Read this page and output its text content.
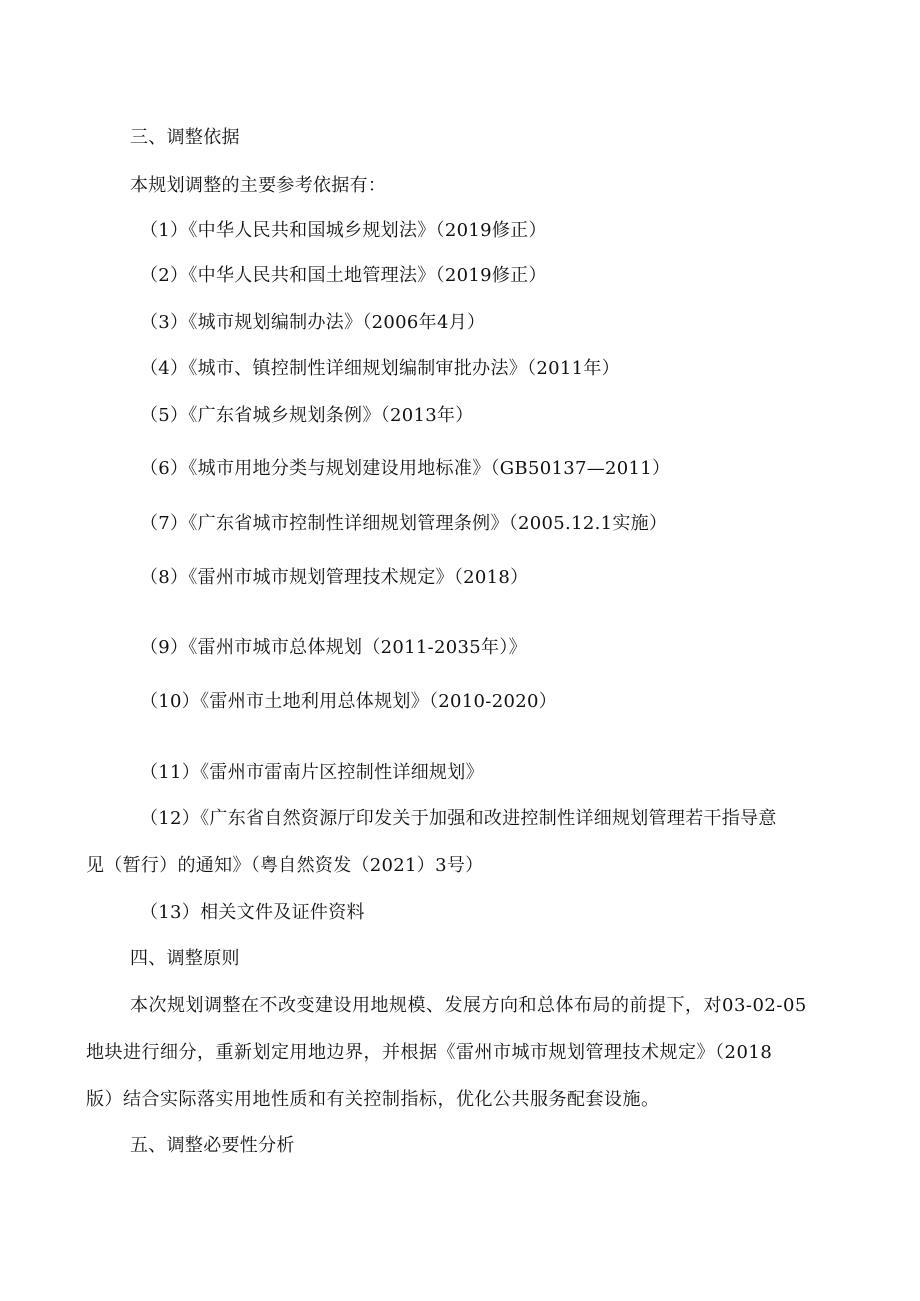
三、调整依据
本规划调整的主要参考依据有：
（1）《中华人民共和国城乡规划法》（2019修正）
（2）《中华人民共和国土地管理法》（2019修正）
（3）《城市规划编制办法》（2006年4月）
（4）《城市、镇控制性详细规划编制审批办法》（2011年）
（5）《广东省城乡规划条例》（2013年）
（6）《城市用地分类与规划建设用地标准》（GB50137—2011）
（7）《广东省城市控制性详细规划管理条例》（2005.12.1实施）
（8）《雷州市城市规划管理技术规定》（2018）
（9）《雷州市城市总体规划（2011-2035年）》
（10）《雷州市土地利用总体规划》（2010-2020）
（11）《雷州市雷南片区控制性详细规划》
（12）《广东省自然资源厅印发关于加强和改进控制性详细规划管理若干指导意
见（暂行）的通知》（粤自然资发（2021）3号）
（13）相关文件及证件资料
四、调整原则
本次规划调整在不改变建设用地规模、发展方向和总体布局的前提下，对03-02-05
地块进行细分，重新划定用地边界，并根据《雷州市城市规划管理技术规定》（2018
版）结合实际落实用地性质和有关控制指标，优化公共服务配套设施。
五、调整必要性分析
